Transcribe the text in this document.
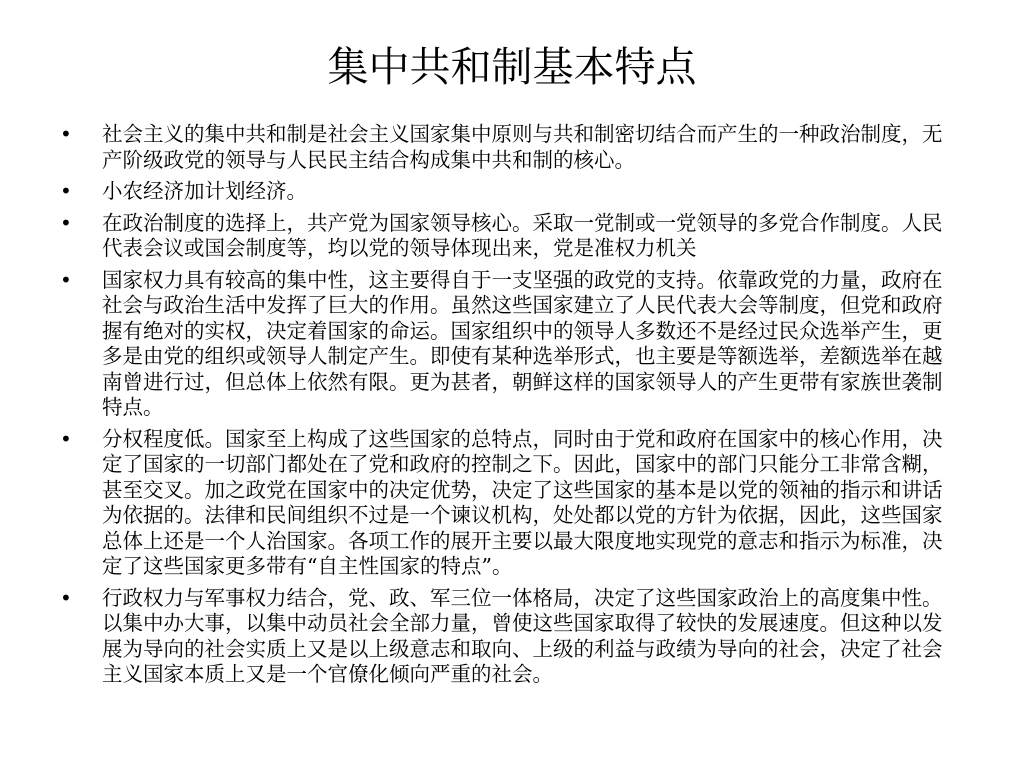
集中共和制基本特点
• 社会主义的集中共和制是社会主义国家集中原则与共和制密切结合而产生的一种政治制度，无产阶级政党的领导与人民民主结合构成集中共和制的核心。
• 小农经济加计划经济。
• 在政治制度的选择上，共产党为国家领导核心。采取一党制或一党领导的多党合作制度。人民代表会议或国会制度等，均以党的领导体现出来，党是准权力机关
• 国家权力具有较高的集中性，这主要得自于一支坚强的政党的支持。依靠政党的力量，政府在社会与政治生活中发挥了巨大的作用。虽然这些国家建立了人民代表大会等制度，但党和政府握有绝对的实权，决定着国家的命运。国家组织中的领导人多数还不是经过民众选举产生，更多是由党的组织或领导人制定产生。即使有某种选举形式，也主要是等额选举，差额选举在越南曾进行过，但总体上依然有限。更为甚者，朝鲜这样的国家领导人的产生更带有家族世袭制特点。
• 分权程度低。国家至上构成了这些国家的总特点，同时由于党和政府在国家中的核心作用，决定了国家的一切部门都处在了党和政府的控制之下。因此，国家中的部门只能分工非常含糊，甚至交叉。加之政党在国家中的决定优势，决定了这些国家的基本是以党的领袖的指示和讲话为依据的。法律和民间组织不过是一个谏议机构，处处都以党的方针为依据，因此，这些国家总体上还是一个人治国家。各项工作的展开主要以最大限度地实现党的意志和指示为标准，决定了这些国家更多带有“自主性国家的特点”。
• 行政权力与军事权力结合，党、政、军三位一体格局，决定了这些国家政治上的高度集中性。以集中办大事，以集中动员社会全部力量，曾使这些国家取得了较快的发展速度。但这种以发展为导向的社会实质上又是以上级意志和取向、上级的利益与政绩为导向的社会，决定了社会主义国家本质上又是一个官僚化倾向严重的社会。
